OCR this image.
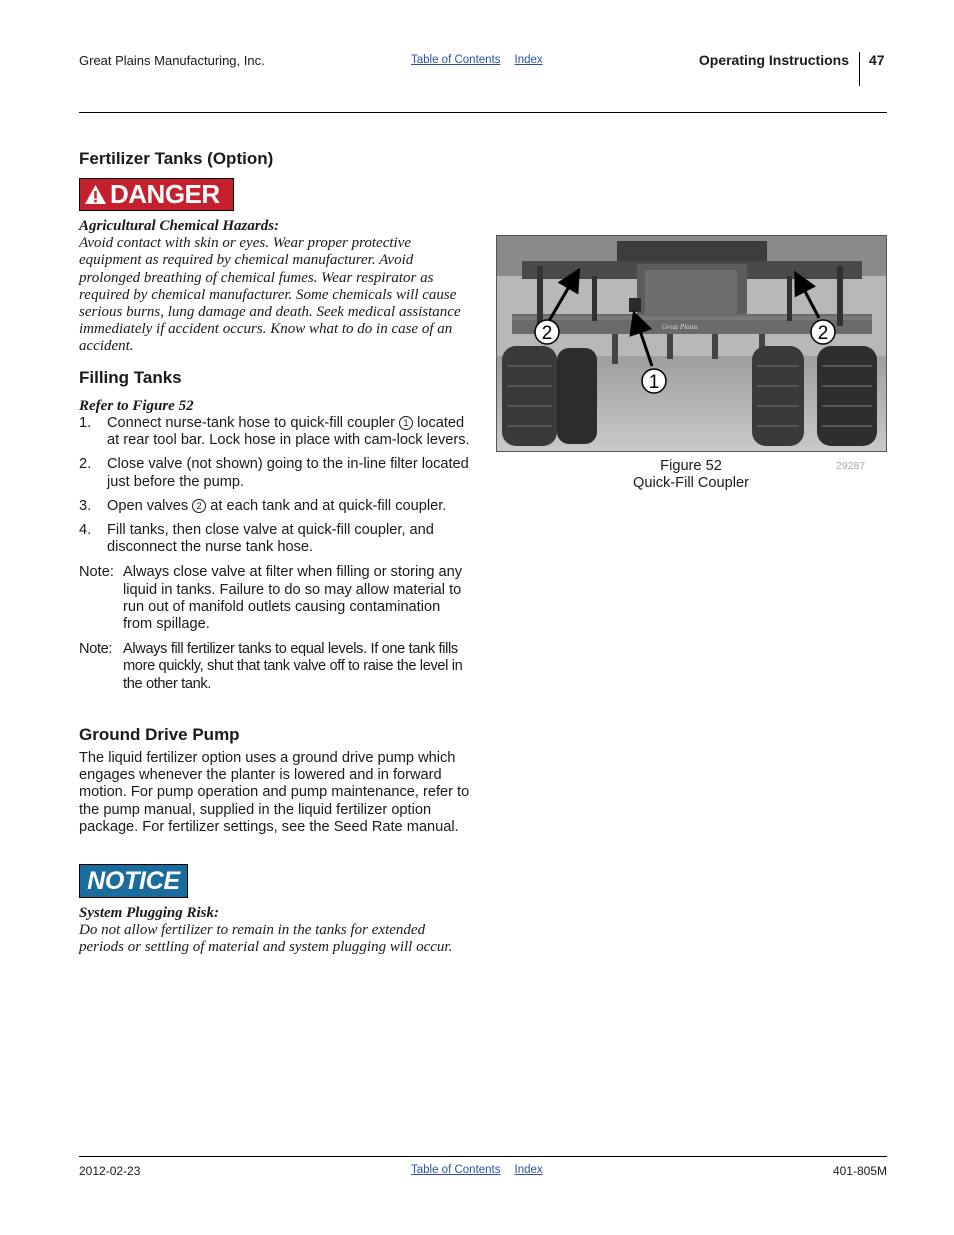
Great Plains Manufacturing, Inc.	Table of Contents Index	Operating Instructions 47
Fertilizer Tanks (Option)
DANGER
Agricultural Chemical Hazards:
Avoid contact with skin or eyes. Wear proper protective equipment as required by chemical manufacturer. Avoid prolonged breathing of chemical fumes. Wear respirator as required by chemical manufacturer. Some chemicals will cause serious burns, lung damage and death. Seek medical assistance immediately if accident occurs. Know what to do in case of an accident.
Filling Tanks
Refer to Figure 52
1. Connect nurse-tank hose to quick-fill coupler 1 located at rear tool bar. Lock hose in place with cam-lock levers.
2. Close valve (not shown) going to the in-line filter located just before the pump.
3. Open valves 2 at each tank and at quick-fill coupler.
4. Fill tanks, then close valve at quick-fill coupler, and disconnect the nurse tank hose.
Note: Always close valve at filter when filling or storing any liquid in tanks. Failure to do so may allow material to run out of manifold outlets causing contamination from spillage.
Note: Always fill fertilizer tanks to equal levels. If one tank fills more quickly, shut that tank valve off to raise the level in the other tank.
Ground Drive Pump
The liquid fertilizer option uses a ground drive pump which engages whenever the planter is lowered and in forward motion. For pump operation and pump maintenance, refer to the pump manual, supplied in the liquid fertilizer option package. For fertilizer settings, see the Seed Rate manual.
NOTICE
System Plugging Risk:
Do not allow fertilizer to remain in the tanks for extended periods or settling of material and system plugging will occur.
Great Plains
2	2
1
Figure 52
Quick-Fill Coupler
29287
2012-02-23	Table of Contents Index	401-805M
